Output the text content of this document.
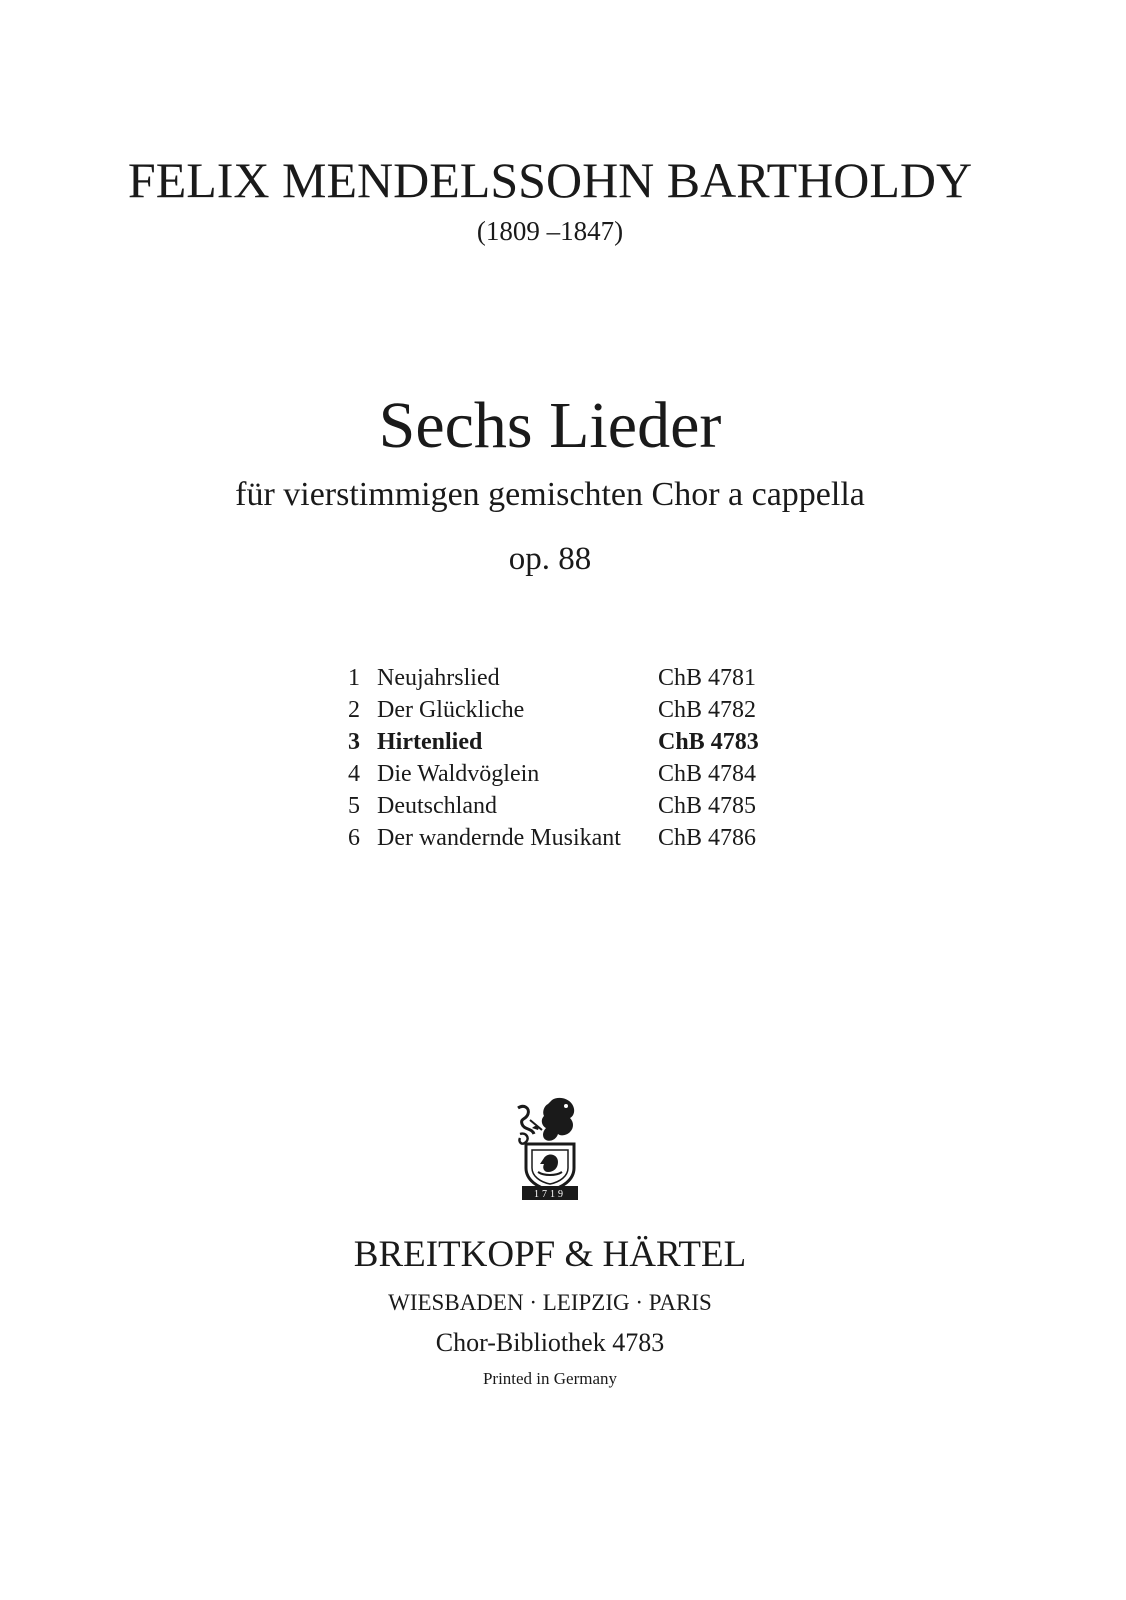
FELIX MENDELSSOHN BARTHOLDY
(1809 –1847)
Sechs Lieder
für vierstimmigen gemischten Chor a cappella
op. 88
1 Neujahrslied	ChB 4781
2 Der Glückliche	ChB 4782
3 Hirtenlied	ChB 4783
4 Die Waldvöglein	ChB 4784
5 Deutschland	ChB 4785
6 Der wandernde Musikant ChB 4786
1719
BREITKOPF & HÄRTEL
WIESBADEN · LEIPZIG · PARIS
Chor-Bibliothek 4783
Printed in Germany
